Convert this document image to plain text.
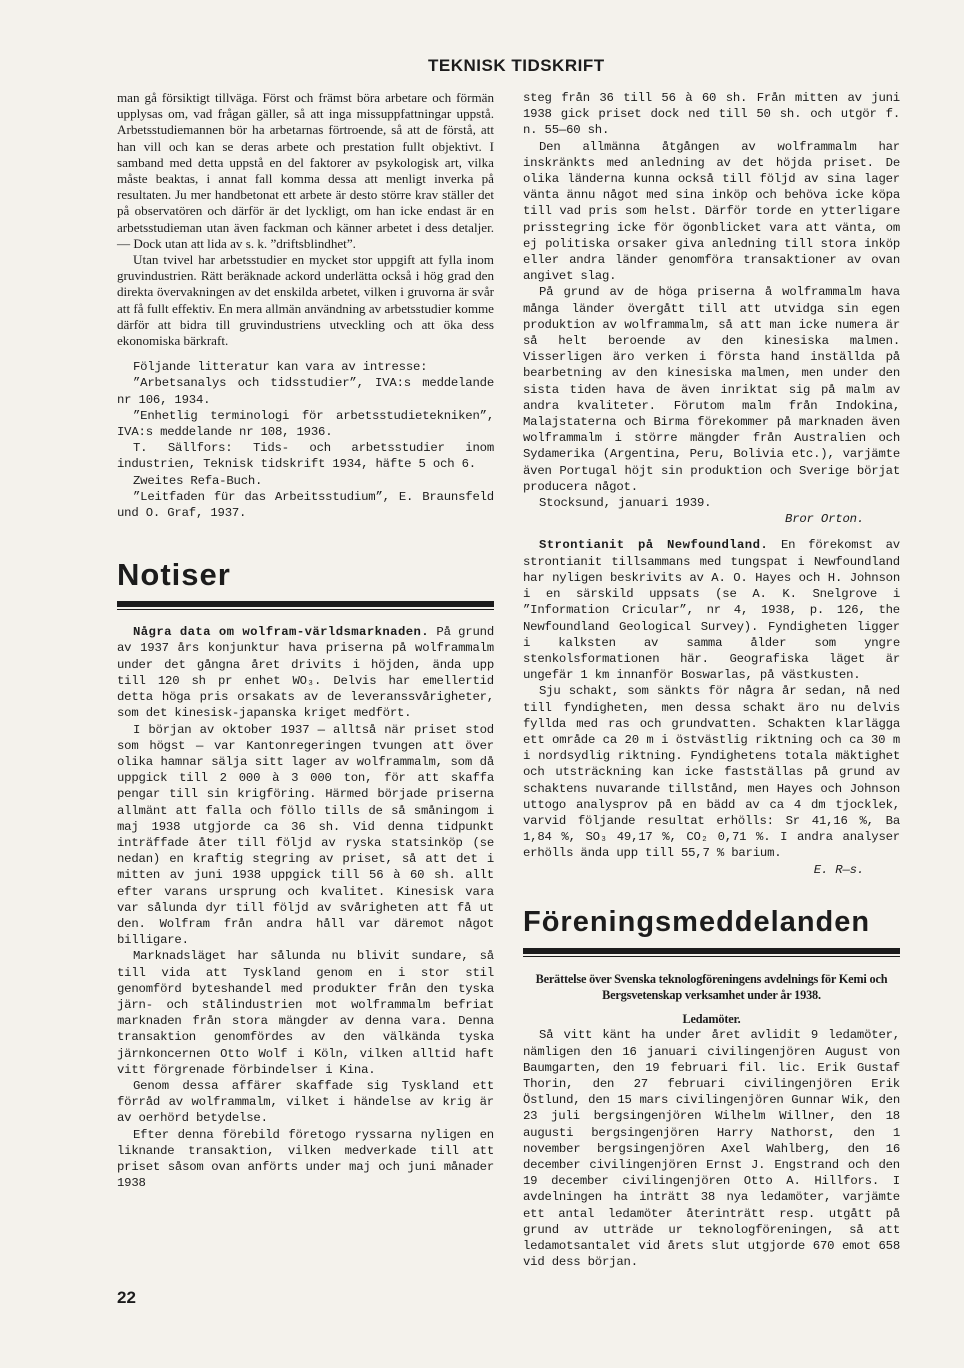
TEKNISK TIDSKRIFT

man gå försiktigt tillväga. Först och främst böra arbetare och förmän upplysas om, vad frågan gäller, så att inga missuppfattningar uppstå. Arbetsstudiemannen bör ha arbetarnas förtroende, så att de förstå, att han vill och kan se deras arbete och prestation fullt objektivt. I samband med detta uppstå en del faktorer av psykologisk art, vilka måste beaktas, i annat fall komma dessa att menligt inverka på resultaten. Ju mer handbetonat ett arbete är desto större krav ställer det på observatören och därför är det lyckligt, om han icke endast är en arbetsstudieman utan även fackman och känner arbetet i dess detaljer. — Dock utan att lida av s. k. ”driftsblindhet”.

Utan tvivel har arbetsstudier en mycket stor uppgift att fylla inom gruvindustrien. Rätt beräknade ackord underlätta också i hög grad den direkta övervakningen av det enskilda arbetet, vilken i gruvorna är svår att få fullt effektiv. En mera allmän användning av arbetsstudier komme därför att bidra till gruvindustriens utveckling och att öka dess ekonomiska bärkraft.

Följande litteratur kan vara av intresse:

”Arbetsanalys och tidsstudier”, IVA:s meddelande nr 106, 1934.

”Enhetlig terminologi för arbetsstudietekniken”, IVA:s meddelande nr 108, 1936.

T. Sällfors: Tids- och arbetsstudier inom industrien, Teknisk tidskrift 1934, häfte 5 och 6.

Zweites Refa-Buch.

”Leitfaden für das Arbeitsstudium”, E. Braunsfeld und O. Graf, 1937.

Notiser

Några data om wolfram-världsmarknaden. På grund av 1937 års konjunktur hava priserna på wolframmalm under det gångna året drivits i höjden, ända upp till 120 sh pr enhet WO₃. Delvis har emellertid detta höga pris orsakats av de leveranssvårigheter, som det kinesisk-japanska kriget medfört.

I början av oktober 1937 — alltså när priset stod som högst — var Kantonregeringen tvungen att över olika hamnar sälja sitt lager av wolframmalm, som då uppgick till 2 000 à 3 000 ton, för att skaffa pengar till sin krigföring. Härmed började priserna allmänt att falla och föllo tills de så småningom i maj 1938 utgjorde ca 36 sh. Vid denna tidpunkt inträffade åter till följd av ryska statsinköp (se nedan) en kraftig stegring av priset, så att det i mitten av juni 1938 uppgick till 56 à 60 sh. allt efter varans ursprung och kvalitet. Kinesisk vara var sålunda dyr till följd av svårigheten att få ut den. Wolfram från andra håll var däremot något billigare.

Marknadsläget har sålunda nu blivit sundare, så till vida att Tyskland genom en i stor stil genomförd byteshandel med produkter från den tyska järn- och stålindustrien mot wolframmalm befriat marknaden från stora mängder av denna vara. Denna transaktion genomfördes av den välkända tyska järnkoncernen Otto Wolf i Köln, vilken alltid haft vitt förgrenade förbindelser i Kina.

Genom dessa affärer skaffade sig Tyskland ett förråd av wolframmalm, vilket i händelse av krig är av oerhörd betydelse.

Efter denna förebild företogo ryssarna nyligen en liknande transaktion, vilken medverkade till att priset såsom ovan anförts under maj och juni månader 1938

steg från 36 till 56 à 60 sh. Från mitten av juni 1938 gick priset dock ned till 50 sh. och utgör f. n. 55—60 sh.

Den allmänna åtgången av wolframmalm har inskränkts med anledning av det höjda priset. De olika länderna kunna också till följd av sina lager vänta ännu något med sina inköp och behöva icke köpa till vad pris som helst. Därför torde en ytterligare prisstegring icke för ögonblicket vara att vänta, om ej politiska orsaker giva anledning till stora inköp eller andra länder genomföra transaktioner av ovan angivet slag.

På grund av de höga priserna å wolframmalm hava många länder övergått till att utvidga sin egen produktion av wolframmalm, så att man icke numera är så helt beroende av den kinesiska malmen. Visserligen äro verken i första hand inställda på bearbetning av den kinesiska malmen, men under den sista tiden hava de även inriktat sig på malm av andra kvaliteter. Förutom malm från Indokina, Malajstaterna och Birma förekommer på marknaden även wolframmalm i större mängder från Australien och Sydamerika (Argentina, Peru, Bolivia etc.), varjämte även Portugal höjt sin produktion och Sverige börjat producera något.

Stocksund, januari 1939.

Bror Orton.

Strontianit på Newfoundland. En förekomst av strontianit tillsammans med tungspat i Newfoundland har nyligen beskrivits av A. O. Hayes och H. Johnson i en särskild uppsats (se A. K. Snelgrove i ”Information Cricular”, nr 4, 1938, p. 126, the Newfoundland Geological Survey). Fyndigheten ligger i kalksten av samma ålder som yngre stenkolsformationen här. Geografiska läget är ungefär 1 km innanför Boswarlas, på västkusten.

Sju schakt, som sänkts för några år sedan, nå ned till fyndigheten, men dessa schakt äro nu delvis fyllda med ras och grundvatten. Schakten klarläggа ett område ca 20 m i östvästlig riktning och ca 30 m i nordsydlig riktning. Fyndighetens totala mäktighet och utsträckning kan icke fastställas på grund av schaktens nuvarande tillstånd, men Hayes och Johnson uttogo analysprov på en bädd av ca 4 dm tjocklek, varvid följande resultat erhölls: Sr 41,16 %, Ba 1,84 %, SO₃ 49,17 %, CO₂ 0,71 %. I andra analyser erhölls ända upp till 55,7 % barium.

E. R—s.

Föreningsmeddelanden

Berättelse över Svenska teknologföreningens avdelnings för Kemi och Bergsvetenskap verksamhet under år 1938.

Ledamöter.

Så vitt känt ha under året avlidit 9 ledamöter, nämligen den 16 januari civilingenjören August von Baumgarten, den 19 februari fil. lic. Erik Gustaf Thorin, den 27 februari civilingenjören Erik Östlund, den 15 mars civilingenjören Gunnar Wik, den 23 juli bergsingenjören Wilhelm Willner, den 18 augusti bergsingenjören Harry Nathorst, den 1 november bergsingenjören Axel Wahlberg, den 16 december civilingenjören Ernst J. Engstrand och den 19 december civilingenjören Otto A. Hillfors. I avdelningen ha inträtt 38 nya ledamöter, varjämte ett antal ledamöter återinträtt resp. utgått på grund av utträde ur teknologföreningen, så att ledamotsantalet vid årets slut utgjorde 670 emot 658 vid dess början.

22
